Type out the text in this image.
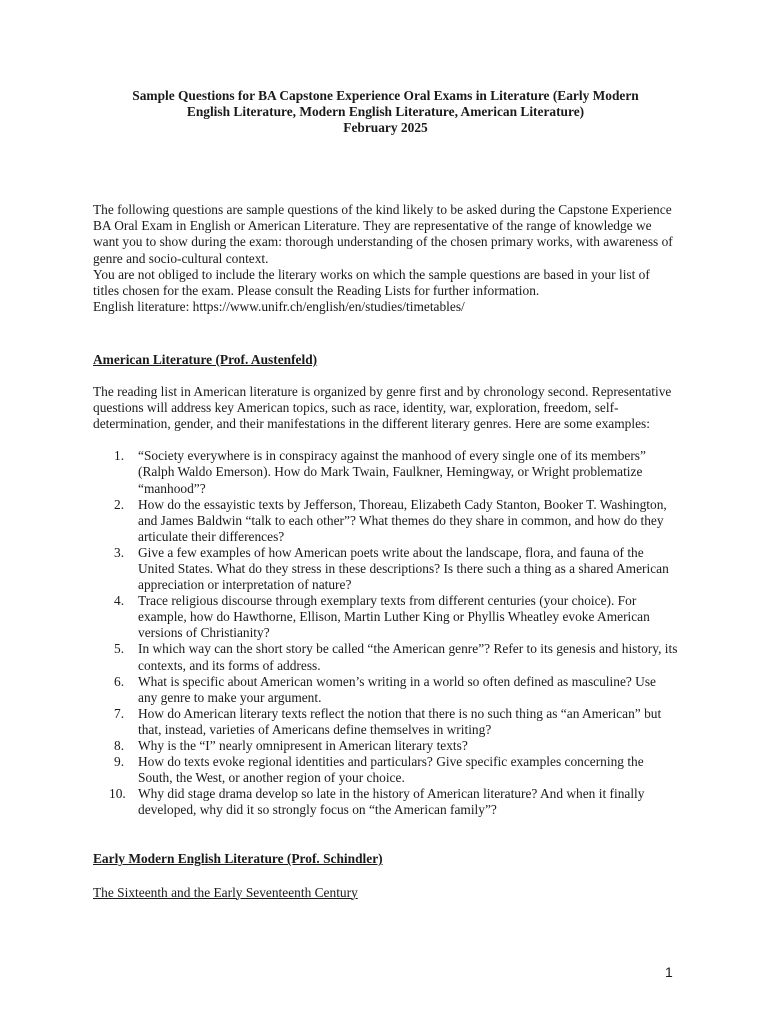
Sample Questions for BA Capstone Experience Oral Exams in Literature (Early Modern
English Literature, Modern English Literature, American Literature)
February 2025

The following questions are sample questions of the kind likely to be asked during the Capstone Experience BA Oral Exam in English or American Literature. They are representative of the range of knowledge we want you to show during the exam: thorough understanding of the chosen primary works, with awareness of genre and socio-cultural context.

You are not obliged to include the literary works on which the sample questions are based in your list of titles chosen for the exam. Please consult the Reading Lists for further information.

English literature: https://www.unifr.ch/english/en/studies/timetables/

American Literature (Prof. Austenfeld)
The reading list in American literature is organized by genre first and by chronology second. Representative questions will address key American topics, such as race, identity, war, exploration, freedom, self-determination, gender, and their manifestations in the different literary genres. Here are some examples:
1.	“Society everywhere is in conspiracy against the manhood of every single one of its members” (Ralph Waldo Emerson). How do Mark Twain, Faulkner, Hemingway, or Wright problematize “manhood”?
2.	How do the essayistic texts by Jefferson, Thoreau, Elizabeth Cady Stanton, Booker T. Washington, and James Baldwin “talk to each other”? What themes do they share in common, and how do they articulate their differences?
3.	Give a few examples of how American poets write about the landscape, flora, and fauna of the United States. What do they stress in these descriptions? Is there such a thing as a shared American appreciation or interpretation of nature?
4.	Trace religious discourse through exemplary texts from different centuries (your choice). For example, how do Hawthorne, Ellison, Martin Luther King or Phyllis Wheatley evoke American versions of Christianity?
5.	In which way can the short story be called “the American genre”? Refer to its genesis and history, its contexts, and its forms of address.
6.	What is specific about American women’s writing in a world so often defined as masculine? Use any genre to make your argument.
7.	How do American literary texts reflect the notion that there is no such thing as “an American” but that, instead, varieties of Americans define themselves in writing?
8.	Why is the “I” nearly omnipresent in American literary texts?
9.	How do texts evoke regional identities and particulars? Give specific examples concerning the South, the West, or another region of your choice.
10. Why did stage drama develop so late in the history of American literature? And when it finally developed, why did it so strongly focus on “the American family”?
Early Modern English Literature (Prof. Schindler)
The Sixteenth and the Early Seventeenth Century
1
